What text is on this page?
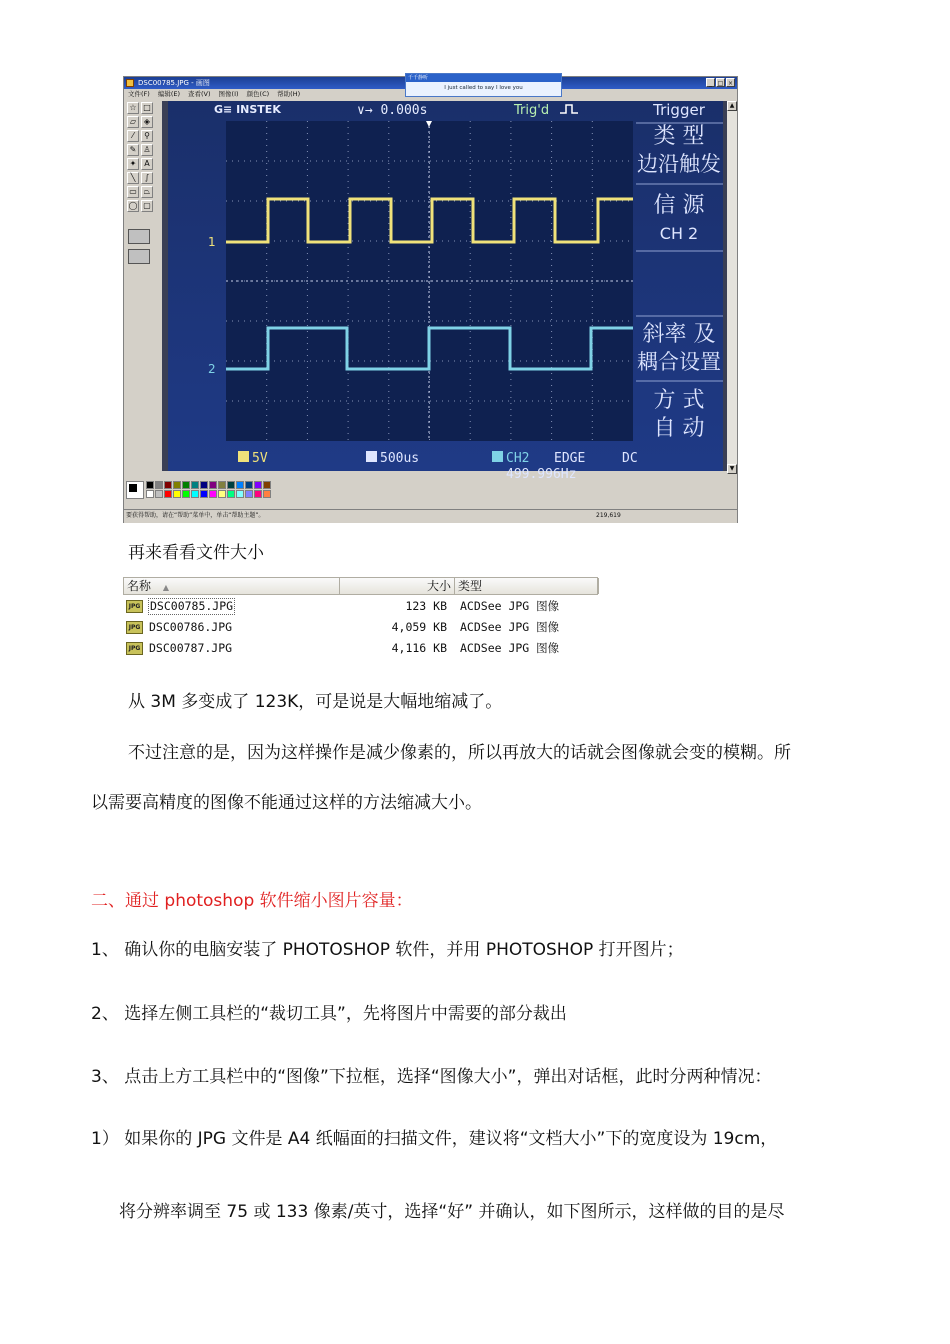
DSC00785.JPG - 画图	_ □ ×
文件(F) 编辑(E) 查看(V) 图像(I) 颜色(C) 帮助(H)
☆ □
▱ ◈
⁄	⚲
✎ ♙
✦ A
╲	∫
▭ ⏢
◯ ▢
1
2
G≡ INSTEK	∨→ 0.000s	Trig'd	Trigger
类 型
边沿触发
信 源
CH 2
斜率 及
耦合设置
方 式
自 动
5V	500us	CH2 EDGE	DC
499.996Hz
▲
▼
要获得帮助，请在“帮助”菜单中，单击“帮助主题”。	219,619
千千静听
I just called to say I love you
再来看看文件大小
名称 ▲	大小 类型
JPG DSC00785.JPG	123 KB ACDSee JPG 图像
JPG DSC00786.JPG	4,059 KB ACDSee JPG 图像
JPG DSC00787.JPG	4,116 KB ACDSee JPG 图像
从 3M 多变成了 123K，可是说是大幅地缩减了。
不过注意的是，因为这样操作是减少像素的，所以再放大的话就会图像就会变的模糊。所
以需要高精度的图像不能通过这样的方法缩减大小。
二、通过 photoshop 软件缩小图片容量：
1、 确认你的电脑安装了 PHOTOSHOP 软件，并用 PHOTOSHOP 打开图片；
2、 选择左侧工具栏的“裁切工具”，先将图片中需要的部分裁出
3、 点击上方工具栏中的“图像”下拉框，选择“图像大小”，弹出对话框，此时分两种情况：
1） 如果你的 JPG 文件是 A4 纸幅面的扫描文件，建议将“文档大小”下的宽度设为 19cm，
将分辨率调至 75 或 133 像素/英寸，选择“好” 并确认，如下图所示，这样做的目的是尽
